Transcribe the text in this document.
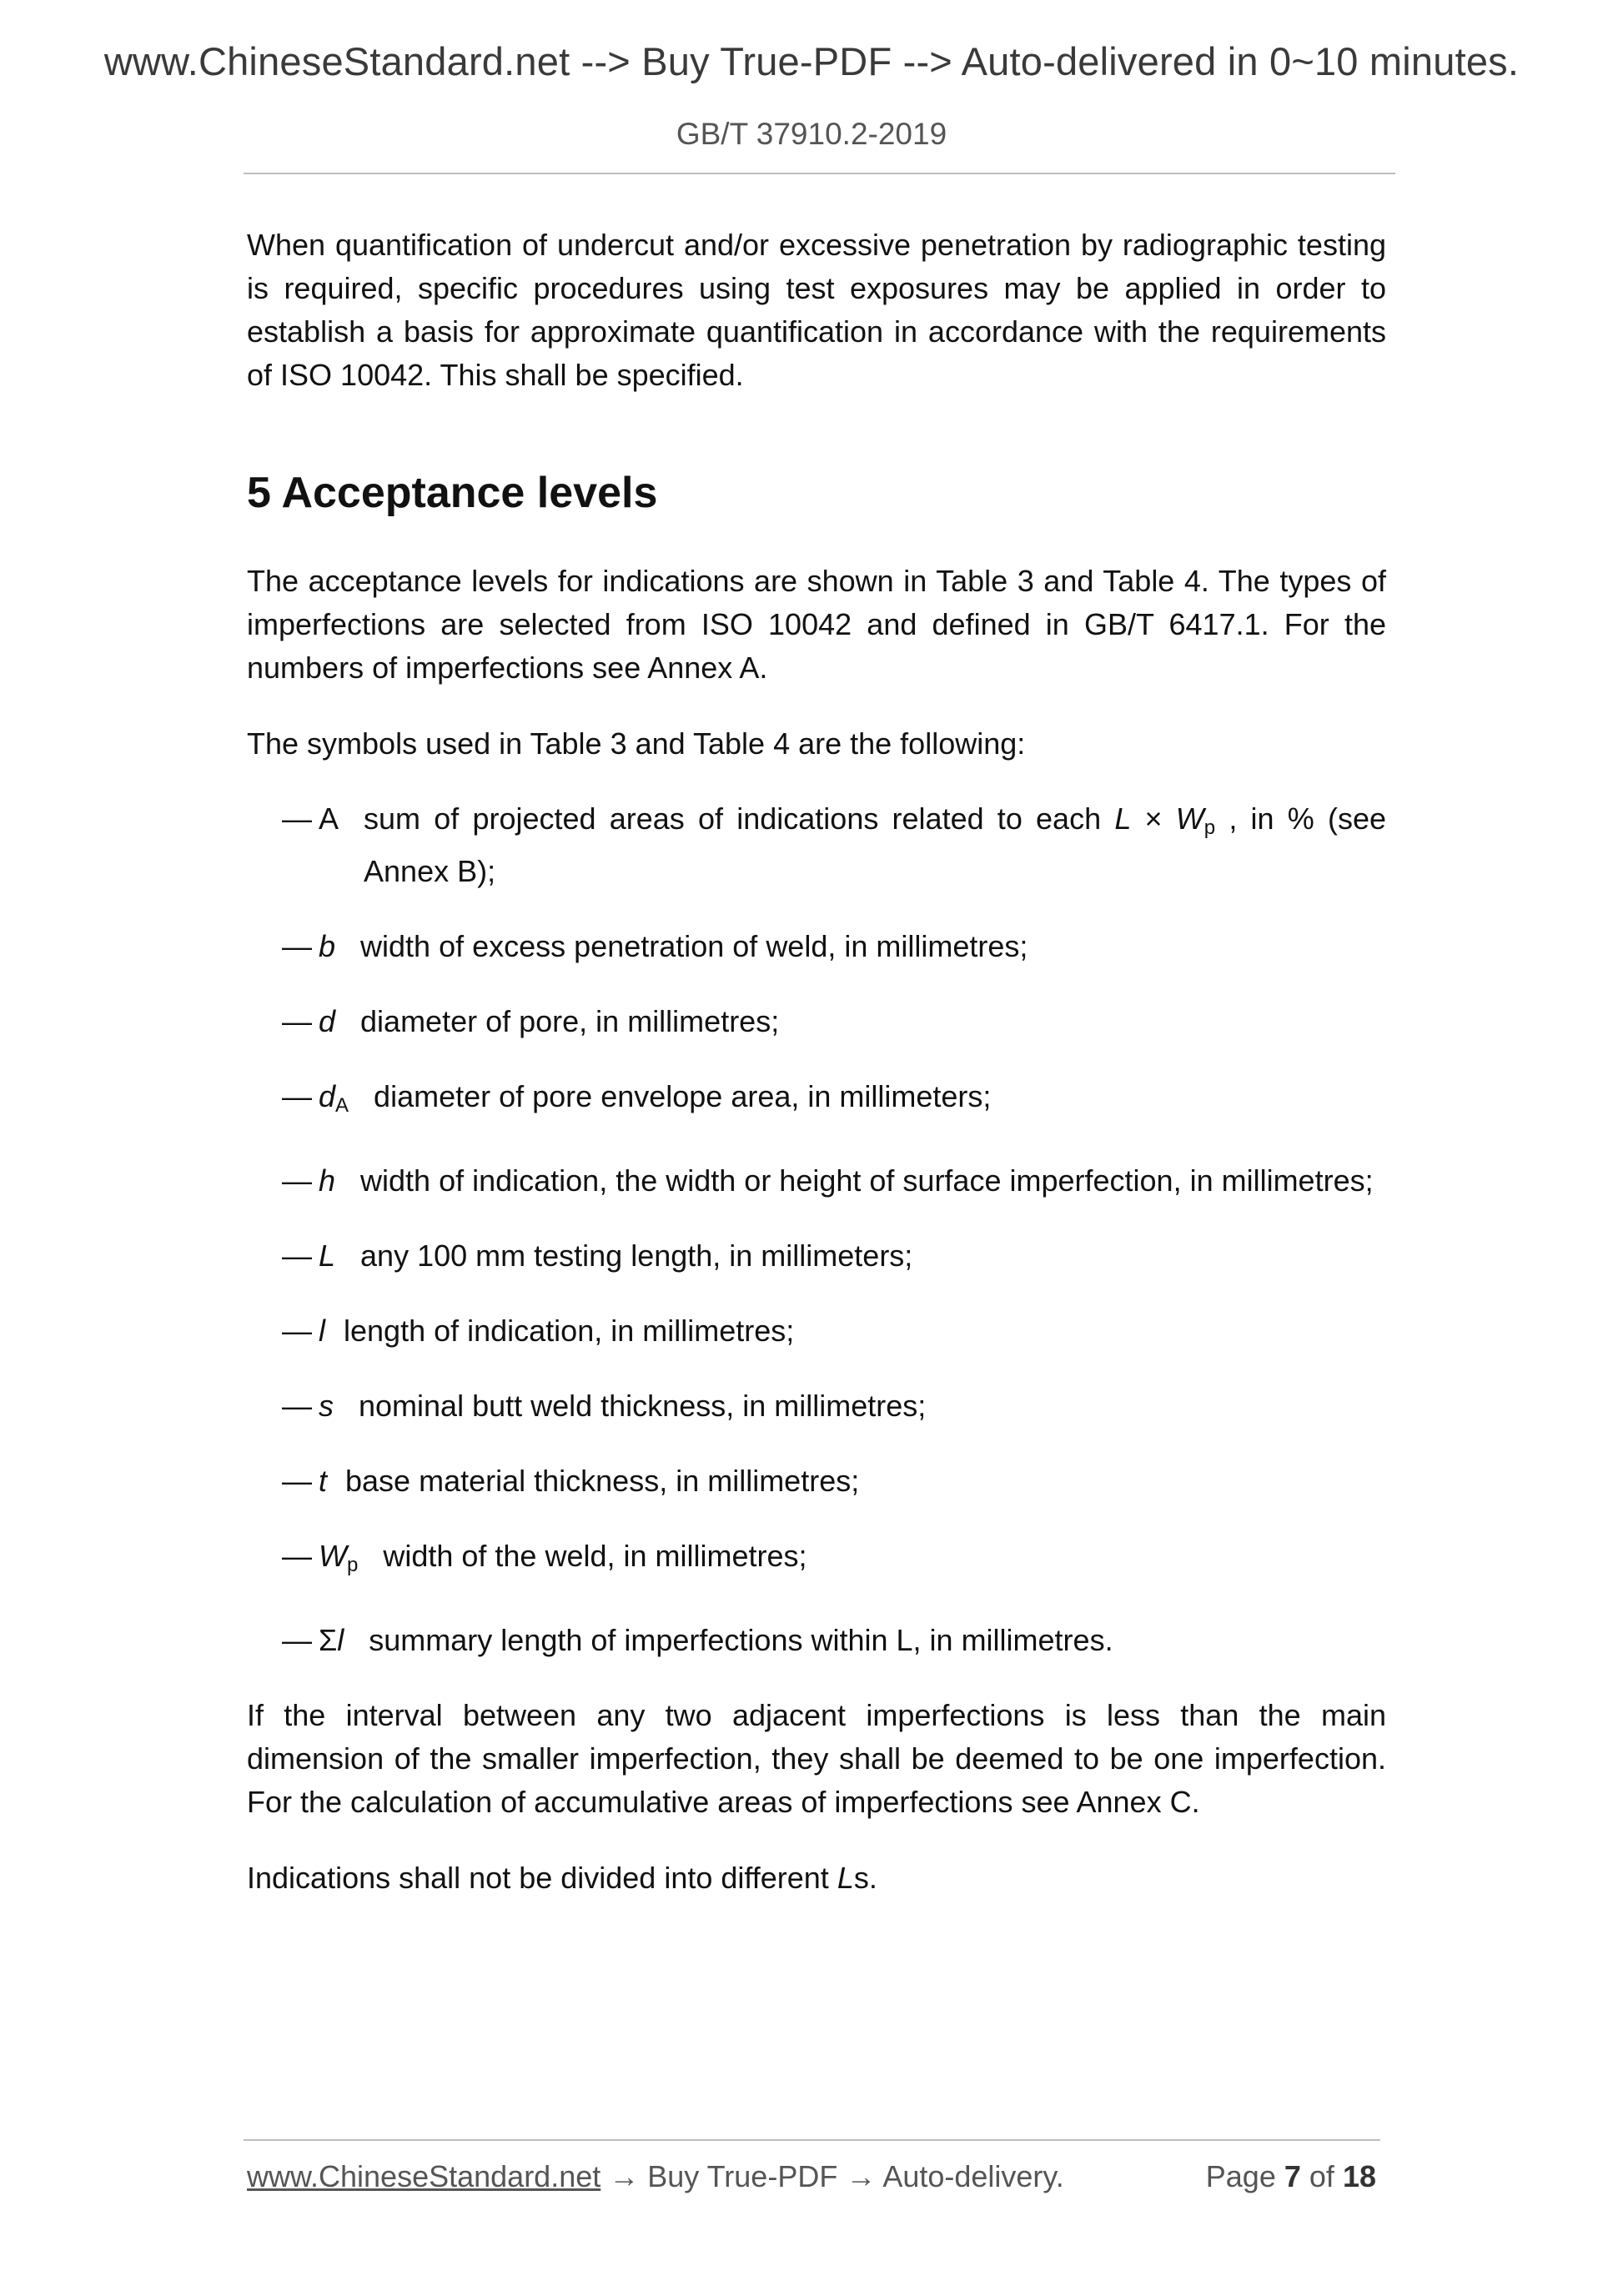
www.ChineseStandard.net --> Buy True-PDF --> Auto-delivered in 0~10 minutes.
GB/T 37910.2-2019

When quantification of undercut and/or excessive penetration by radiographic testing is required, specific procedures using test exposures may be applied in order to establish a basis for approximate quantification in accordance with the requirements of ISO 10042. This shall be specified.

5 Acceptance levels

The acceptance levels for indications are shown in Table 3 and Table 4. The types of imperfections are selected from ISO 10042 and defined in GB/T 6417.1. For the numbers of imperfections see Annex A.

The symbols used in Table 3 and Table 4 are the following:

— A sum of projected areas of indications related to each $L \times W_p$ , in % (see Annex B);
— b width of excess penetration of weld, in millimetres;
— d diameter of pore, in millimetres;
— $d_A$ diameter of pore envelope area, in millimeters;
— h width of indication, the width or height of surface imperfection, in millimetres;
— L any 100 mm testing length, in millimeters;
— l length of indication, in millimetres;
— s nominal butt weld thickness, in millimetres;
— t base material thickness, in millimetres;
— $W_p$ width of the weld, in millimetres;
— Σl summary length of imperfections within L, in millimetres.

If the interval between any two adjacent imperfections is less than the main dimension of the smaller imperfection, they shall be deemed to be one imperfection. For the calculation of accumulative areas of imperfections see Annex C.

Indications shall not be divided into different Ls.

www.ChineseStandard.net → Buy True-PDF → Auto-delivery.	Page 7 of 18
